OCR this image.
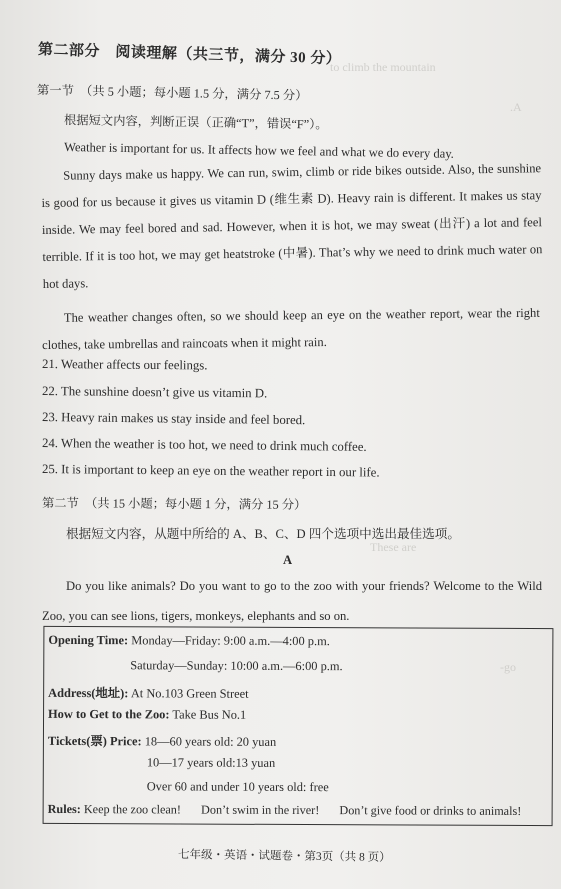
to climb the mountain
.A
-go
These are
第二部分　阅读理解（共三节，满分 30 分）
第一节　（共 5 小题；每小题 1.5 分，满分 7.5 分）
根据短文内容，判断正误（正确“T”，错误“F”）。
Weather is important for us. It affects how we feel and what we do every day.
Sunny days make us happy. We can run, swim, climb or ride bikes outside. Also, the sunshine is good for us because it gives us vitamin D (维生素 D). Heavy rain is different. It makes us stay inside. We may feel bored and sad. However, when it is hot, we may sweat (出汗) a lot and feel terrible. If it is too hot, we may get heatstroke (中暑). That’s why we need to drink much water on hot days.
The weather changes often, so we should keep an eye on the weather report, wear the right clothes, take umbrellas and raincoats when it might rain.
21. Weather affects our feelings.
22. The sunshine doesn’t give us vitamin D.
23. Heavy rain makes us stay inside and feel bored.
24. When the weather is too hot, we need to drink much coffee.
25. It is important to keep an eye on the weather report in our life.
第二节　（共 15 小题；每小题 1 分，满分 15 分）
根据短文内容，从题中所给的 A、B、C、D 四个选项中选出最佳选项。
A
Do you like animals? Do you want to go to the zoo with your friends? Welcome to the Wild Zoo, you can see lions, tigers, monkeys, elephants and so on.
Opening Time: Monday—Friday: 9:00 a.m.—4:00 p.m.
Saturday—Sunday: 10:00 a.m.—6:00 p.m.
Address(地址): At No.103 Green Street
How to Get to the Zoo: Take Bus No.1
Tickets(票) Price: 18—60 years old: 20 yuan
10—17 years old:13 yuan
Over 60 and under 10 years old: free
Rules: Keep the zoo clean! Don’t swim in the river! Don’t give food or drinks to animals!
七年级・英语・试题卷・第3页（共 8 页）
